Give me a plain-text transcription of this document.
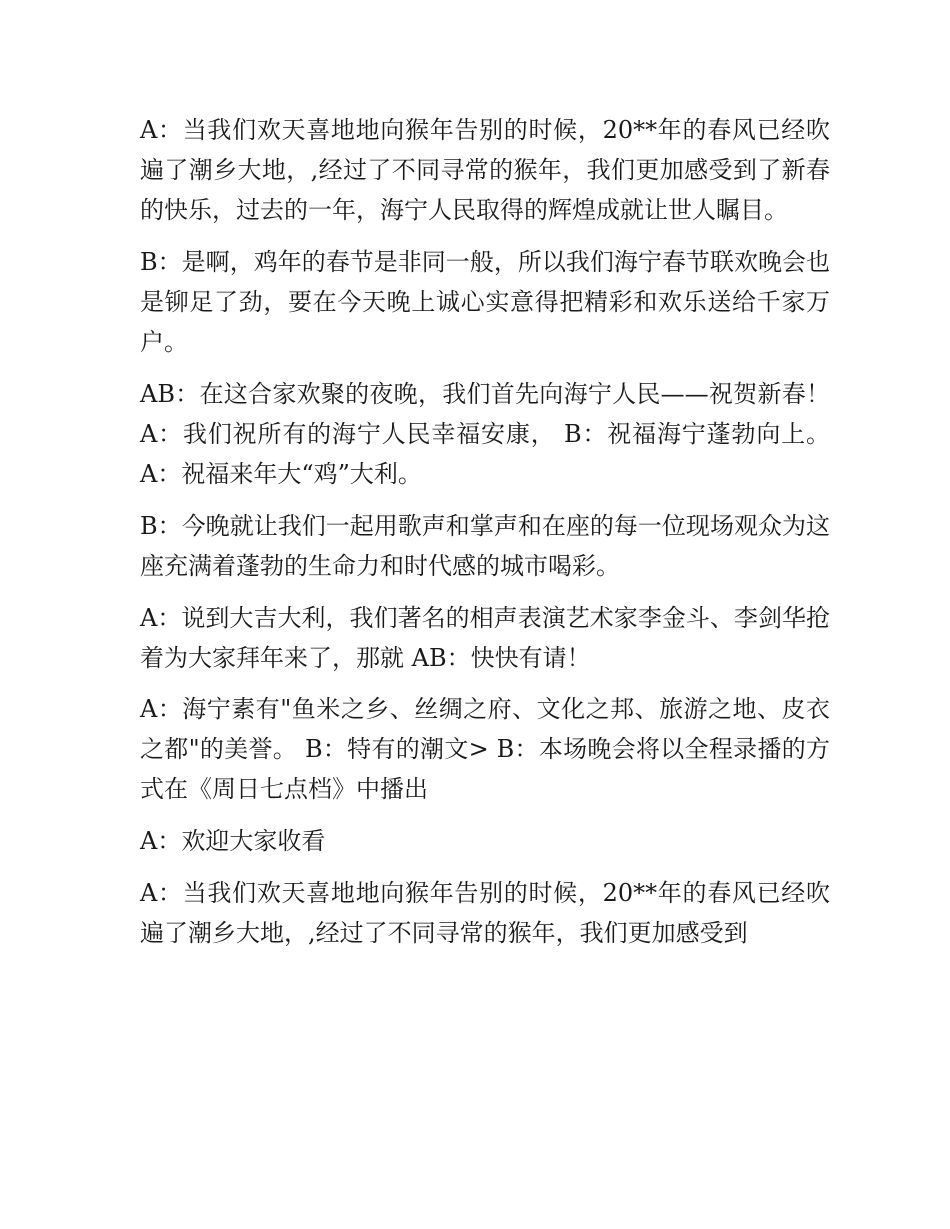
A：当我们欢天喜地地向猴年告别的时候，20**年的春风已经吹遍了潮乡大地，,经过了不同寻常的猴年，我们更加感受到了新春的快乐，过去的一年，海宁人民取得的辉煌成就让世人瞩目。

B：是啊，鸡年的春节是非同一般，所以我们海宁春节联欢晚会也是铆足了劲，要在今天晚上诚心实意得把精彩和欢乐送给千家万户。

AB：在这合家欢聚的夜晚，我们首先向海宁人民——祝贺新春！ A：我们祝所有的海宁人民幸福安康， B：祝福海宁蓬勃向上。 A：祝福来年大“鸡”大利。

B：今晚就让我们一起用歌声和掌声和在座的每一位现场观众为这座充满着蓬勃的生命力和时代感的城市喝彩。

A：说到大吉大利，我们著名的相声表演艺术家李金斗、李剑华抢着为大家拜年来了，那就 AB：快快有请！

A：海宁素有"鱼米之乡、丝绸之府、文化之邦、旅游之地、皮衣之都"的美誉。 B：特有的潮文> B：本场晚会将以全程录播的方式在《周日七点档》中播出

A：欢迎大家收看

A：当我们欢天喜地地向猴年告别的时候，20**年的春风已经吹遍了潮乡大地，,经过了不同寻常的猴年，我们更加感受到
